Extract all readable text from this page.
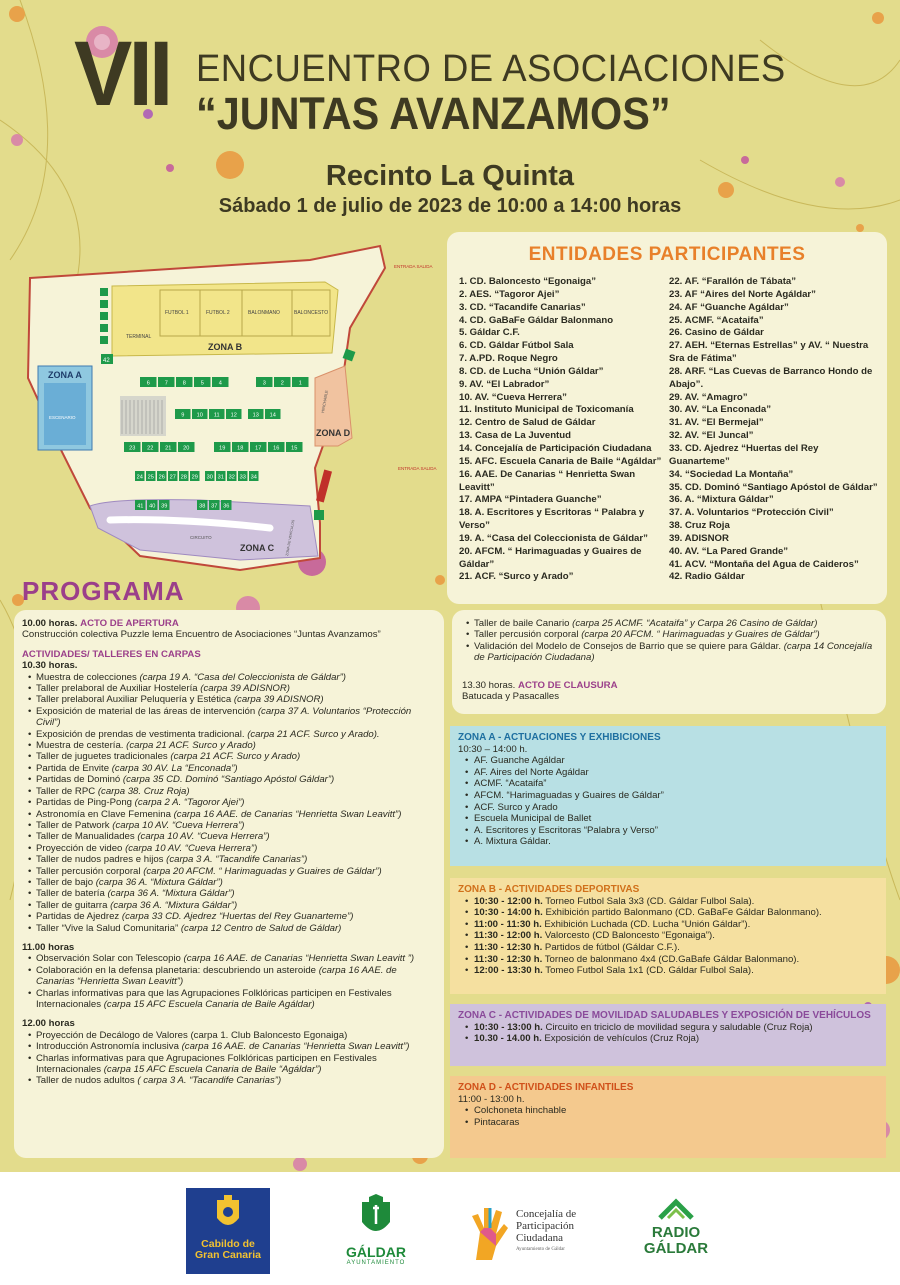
VII ENCUENTRO DE ASOCIACIONES
“JUNTAS AVANZAMOS”
Recinto La Quinta
Sábado 1 de julio de 2023 de 10:00 a 14:00 horas
FUTBOL 1	FUTBOL 2	BALONMANO	BALONCESTO
TERMINAL
ZONA B
ZONA A
ESCENARIO
ZONA D
HINCHABLE
CIRCUITO
ZONA C	ZONA DE VEHÍCULOS
ENTRADA SALIDA
ENTRADA SALIDA
42
6	7	8	5	4	3	2	1
9 10 11 12	13 14
23 22 21 20	19 18 17 16 15
24 25 26 27 28 29 30 31 32 33 34
41 40 39	38 37 36
ENTIDADES PARTICIPANTES
1. CD. Baloncesto “Egonaiga”
2. AES. “Tagoror Ajei”
3. CD. “Tacandife Canarias”
4. CD. GaBaFe Gáldar Balonmano
5. Gáldar C.F.
6. CD. Gáldar Fútbol Sala
7. A.PD. Roque Negro
8. CD. de Lucha “Unión Gáldar”
9. AV. “El Labrador”
10. AV. “Cueva Herrera”
11. Instituto Municipal de Toxicomanía
12. Centro de Salud de Gáldar
13. Casa de La Juventud
14. Concejalía de Participación Ciudadana
15. AFC. Escuela Canaria de Baile “Agáldar”
16. AAE. De Canarias “ Henrietta Swan
Leavitt”
17. AMPA “Pintadera Guanche”
18. A. Escritores y Escritoras “ Palabra y
Verso”
19. A. “Casa del Coleccionista de Gáldar”
20. AFCM. “ Harimaguadas y Guaires de
Gáldar”
21. ACF. “Surco y Arado”
22. AF. “Farallón de Tábata”
23. AF “Aires del Norte Agáldar”
24. AF “Guanche Agáldar”
25. ACMF. “Acataifa”
26. Casino de Gáldar
27. AEH. “Eternas Estrellas” y AV. “ Nuestra
Sra de Fátima”
28. ARF. “Las Cuevas de Barranco Hondo de
Abajo”.
29. AV. “Amagro”
30. AV. “La Enconada”
31. AV. “El Bermejal”
32. AV. “El Juncal”
33. CD. Ajedrez “Huertas del Rey
Guanarteme”
34. “Sociedad La Montaña”
35. CD. Dominó “Santiago Apóstol de Gáldar”
36. A. “Mixtura Gáldar”
37. A. Voluntarios “Protección Civil”
38. Cruz Roja
39. ADISNOR
40. AV. “La Pared Grande”
41. ACV. “Montaña del Agua de Caideros”
42. Radio Gáldar
PROGRAMA
10.00 horas. ACTO DE APERTURA
Construcción colectiva Puzzle lema Encuentro de Asociaciones “Juntas Avanzamos”
ACTIVIDADES/ TALLERES EN CARPAS
10.30 horas.
• Muestra de colecciones (carpa 19 A. “Casa del Coleccionista de Gáldar”)
• Taller prelaboral de Auxiliar Hostelería (carpa 39 ADISNOR)
• Taller prelaboral Auxiliar Peluquería y Estética (carpa 39 ADISNOR)
• Exposición de material de las áreas de intervención (carpa 37 A. Voluntarios “Protección Civil”)
• Exposición de prendas de vestimenta tradicional. (carpa 21 ACF. Surco y Arado).
• Muestra de cestería. (carpa 21 ACF. Surco y Arado)
• Taller de juguetes tradicionales (carpa 21 ACF. Surco y Arado)
• Partida de Envite (carpa 30 AV. La “Enconada”)
• Partidas de Dominó (carpa 35 CD. Dominó “Santiago Apóstol Gáldar”)
• Taller de RPC (carpa 38. Cruz Roja)
• Partidas de Ping-Pong (carpa 2 A. “Tagoror Ajei”)
• Astronomía en Clave Femenina (carpa 16 AAE. de Canarias “Henrietta Swan Leavitt”)
• Taller de Patwork (carpa 10 AV. “Cueva Herrera”)
• Taller de Manualidades (carpa 10 AV. “Cueva Herrera”)
• Proyección de video (carpa 10 AV. “Cueva Herrera”)
• Taller de nudos padres e hijos (carpa 3 A. “Tacandife Canarias”)
• Taller percusión corporal (carpa 20 AFCM. “ Harimaguadas y Guaires de Gáldar”)
• Taller de bajo (carpa 36 A. “Mixtura Gáldar”)
• Taller de batería (carpa 36 A. “Mixtura Gáldar”)
• Taller de guitarra (carpa 36 A. “Mixtura Gáldar”)
• Partidas de Ajedrez (carpa 33 CD. Ajedrez “Huertas del Rey Guanarteme”)
• Taller “Vive la Salud Comunitaria” (carpa 12 Centro de Salud de Gáldar)
11.00 horas
• Observación Solar con Telescopio (carpa 16 AAE. de Canarias “Henrietta Swan Leavitt ”)
• Colaboración en la defensa planetaria: descubriendo un asteroide (carpa 16 AAE. de Canarias “Henrietta Swan Leavitt”)
• Charlas informativas para que las Agrupaciones Folklóricas participen en Festivales Internacionales (carpa 15 AFC Escuela Canaria de Baile Agáldar)
12.00 horas
• Proyección de Decálogo de Valores (carpa 1. Club Baloncesto Egonaiga)
• Introducción Astronomía inclusiva (carpa 16 AAE. de Canarias “Henrietta Swan Leavitt”)
• Charlas informativas para que Agrupaciones Folklóricas participen en Festivales Internacionales (carpa 15 AFC Escuela Canaria de Baile “Agáldar”)
• Taller de nudos adultos ( carpa 3 A. “Tacandife Canarias”)
• Taller de baile Canario (carpa 25 ACMF. “Acataifa” y Carpa 26 Casino de Gáldar)
• Taller percusión corporal (carpa 20 AFCM. “ Harimaguadas y Guaires de Gáldar”)
• Validación del Modelo de Consejos de Barrio que se quiere para Gáldar. (carpa 14 Concejalía de Participación Ciudadana)
13.30 horas. ACTO DE CLAUSURA
Batucada y Pasacalles
ZONA A - ACTUACIONES Y EXHIBICIONES
10:30 – 14:00 h.
• AF. Guanche Agáldar
• AF. Aires del Norte Agáldar
• ACMF. “Acataifa”
• AFCM. “Harimaguadas y Guaires de Gáldar”
• ACF. Surco y Arado
• Escuela Municipal de Ballet
• A. Escritores y Escritoras “Palabra y Verso”
• A. Mixtura Gáldar.
ZONA B - ACTIVIDADES DEPORTIVAS
• 10:30 - 12:00 h. Torneo Futbol Sala 3x3 (CD. Gáldar Fulbol Sala).
• 10:30 - 14:00 h. Exhibición partido Balonmano (CD. GaBaFe Gáldar Balonmano).
• 11:00 - 11:30 h. Exhibición Luchada (CD. Lucha “Unión Gáldar”).
• 11:30 - 12:00 h. Valorcesto (CD Baloncesto “Egonaiga”).
• 11:30 - 12:30 h. Partidos de fútbol (Gáldar C.F.).
• 11:30 - 12:30 h. Torneo de balonmano 4x4 (CD.GaBafe Gáldar Balonmano).
• 12:00 - 13:30 h. Tomeo Futbol Sala 1x1 (CD. Gáldar Fulbol Sala).
ZONA C - ACTIVIDADES DE MOVILIDAD SALUDABLES Y EXPOSICIÓN DE VEHÍCULOS
• 10:30 - 13:00 h. Circuito en triciclo de movilidad segura y saludable (Cruz Roja)
• 10.30 - 14.00 h. Exposición de vehículos (Cruz Roja)
ZONA D - ACTIVIDADES INFANTILES
11:00 - 13:00 h.
• Colchoneta hinchable
• Pintacaras
Cabildo de
Gran Canaria	GÁLDAR
AYUNTAMIENTO
Concejalía de
Participación
Ciudadana
Ayuntamiento de Gáldar
RADIO
GÁLDAR
